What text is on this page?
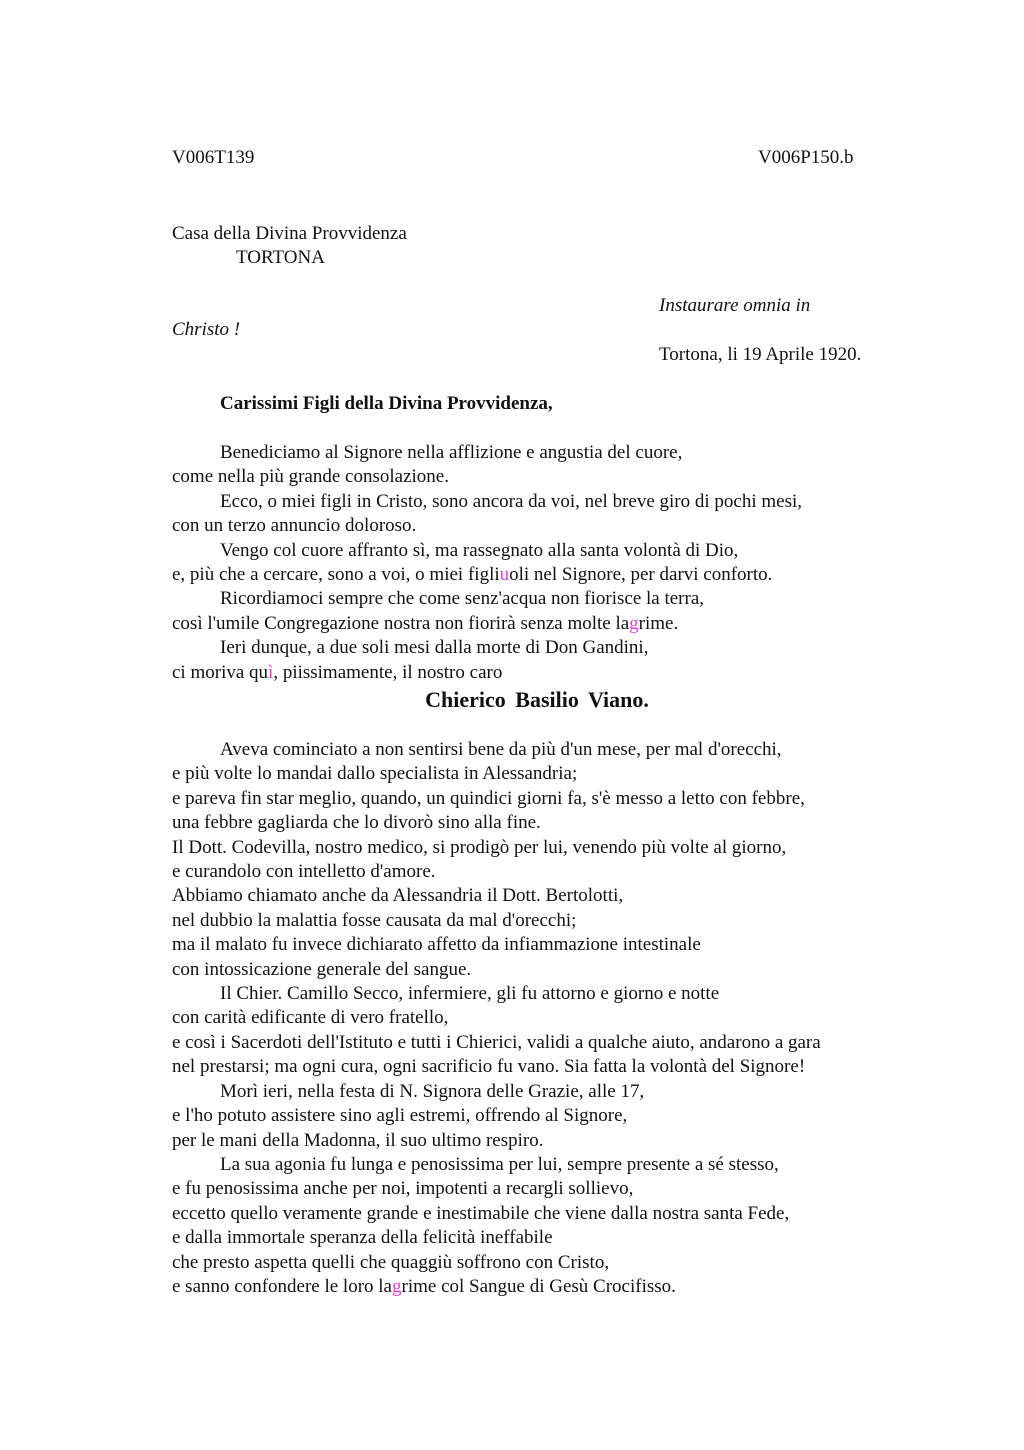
V006T139	V006P150.b
Casa della Divina Provvidenza
TORTONA
Instaurare omnia in
Christo !
Tortona, li 19 Aprile 1920.
Carissimi Figli della Divina Provvidenza,
Benediciamo al Signore nella afflizione e angustia del cuore,
come nella più grande consolazione.
Ecco, o miei figli in Cristo, sono ancora da voi, nel breve giro di pochi mesi,
con un terzo annuncio doloroso.
Vengo col cuore affranto sì, ma rassegnato alla santa volontà di Dio,
e, più che a cercare, sono a voi, o miei figliuoli nel Signore, per darvi conforto.
Ricordiamoci sempre che come senz'acqua non fiorisce la terra,
così l'umile Congregazione nostra non fiorirà senza molte lagrime.
Ieri dunque, a due soli mesi dalla morte di Don Gandini,
ci moriva quì, piissimamente, il nostro caro
Chierico Basilio Viano.
Aveva cominciato a non sentirsi bene da più d'un mese, per mal d'orecchi,
e più volte lo mandai dallo specialista in Alessandria;
e pareva fin star meglio, quando, un quindici giorni fa, s'è messo a letto con febbre,
una febbre gagliarda che lo divorò sino alla fine.
Il Dott. Codevilla, nostro medico, si prodigò per lui, venendo più volte al giorno,
e curandolo con intelletto d'amore.
Abbiamo chiamato anche da Alessandria il Dott. Bertolotti,
nel dubbio la malattia fosse causata da mal d'orecchi;
ma il malato fu invece dichiarato affetto da infiammazione intestinale
con intossicazione generale del sangue.
Il Chier. Camillo Secco, infermiere, gli fu attorno e giorno e notte
con carità edificante di vero fratello,
e così i Sacerdoti dell'Istituto e tutti i Chierici, validi a qualche aiuto, andarono a gara
nel prestarsi; ma ogni cura, ogni sacrificio fu vano. Sia fatta la volontà del Signore!
Morì ieri, nella festa di N. Signora delle Grazie, alle 17,
e l'ho potuto assistere sino agli estremi, offrendo al Signore,
per le mani della Madonna, il suo ultimo respiro.
La sua agonia fu lunga e penosissima per lui, sempre presente a sé stesso,
e fu penosissima anche per noi, impotenti a recargli sollievo,
eccetto quello veramente grande e inestimabile che viene dalla nostra santa Fede,
e dalla immortale speranza della felicità ineffabile
che presto aspetta quelli che quaggiù soffrono con Cristo,
e sanno confondere le loro lagrime col Sangue di Gesù Crocifisso.
